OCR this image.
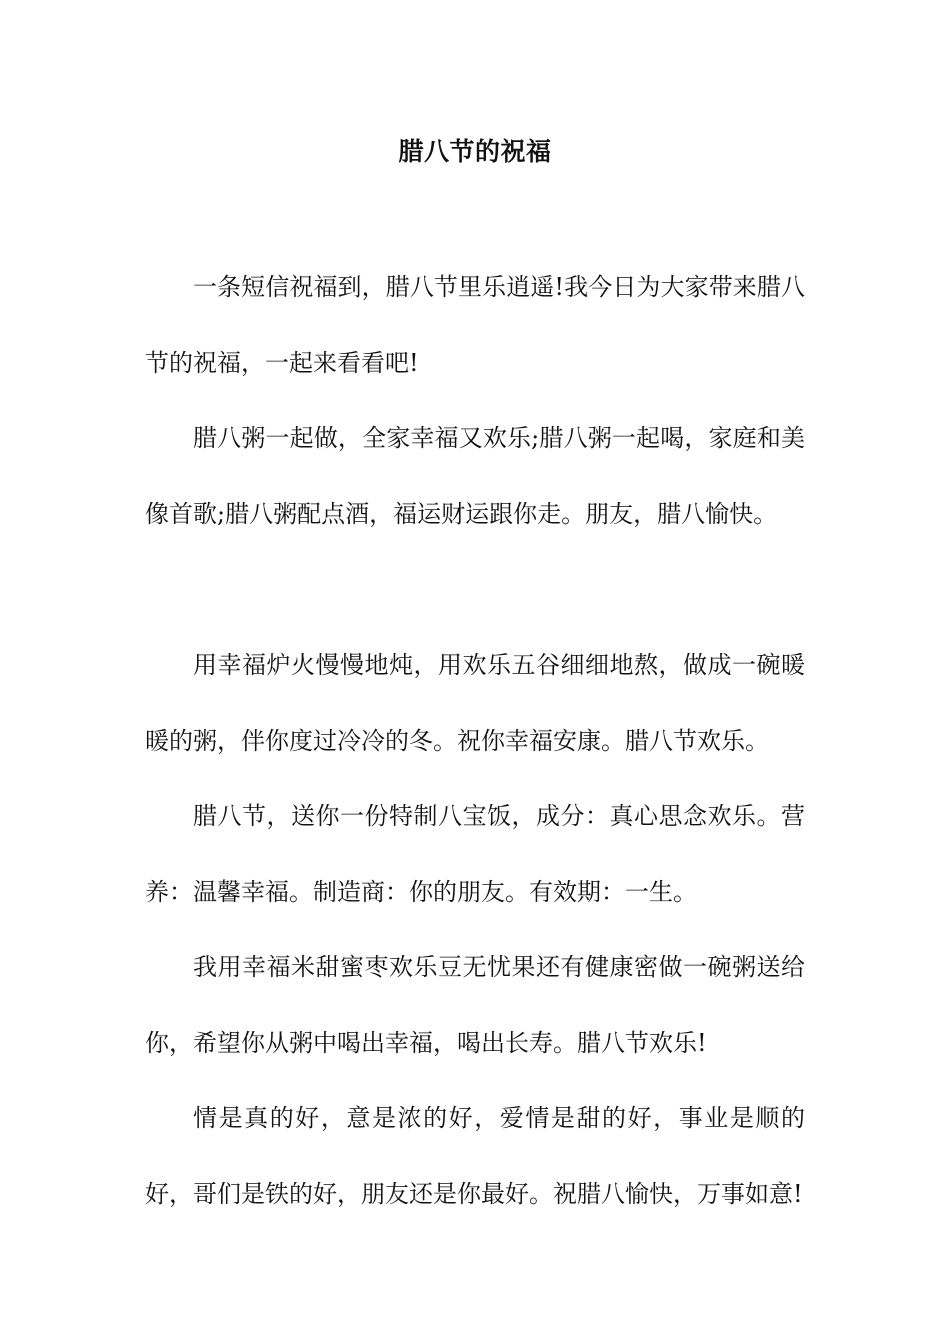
腊八节的祝福

一条短信祝福到，腊八节里乐逍遥!我今日为大家带来腊八节的祝福，一起来看看吧!

腊八粥一起做，全家幸福又欢乐;腊八粥一起喝，家庭和美像首歌;腊八粥配点酒，福运财运跟你走。朋友，腊八愉快。

用幸福炉火慢慢地炖，用欢乐五谷细细地熬，做成一碗暖暖的粥，伴你度过冷冷的冬。祝你幸福安康。腊八节欢乐。

腊八节，送你一份特制八宝饭，成分：真心思念欢乐。营养：温馨幸福。制造商：你的朋友。有效期：一生。

我用幸福米甜蜜枣欢乐豆无忧果还有健康密做一碗粥送给你，希望你从粥中喝出幸福，喝出长寿。腊八节欢乐!

情是真的好，意是浓的好，爱情是甜的好，事业是顺的好，哥们是铁的好，朋友还是你最好。祝腊八愉快，万事如意!
